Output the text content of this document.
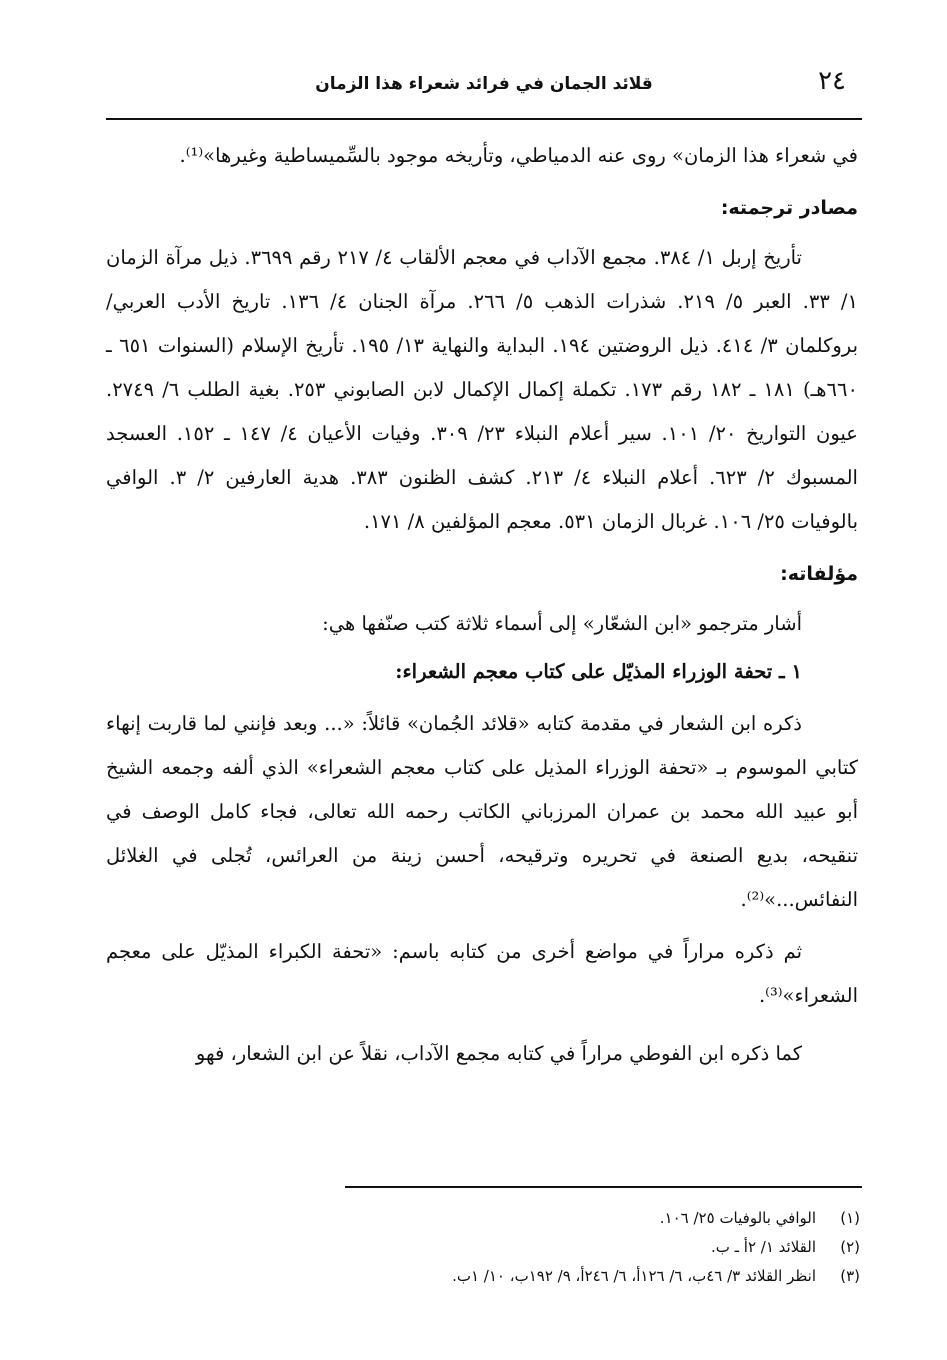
٢٤
قلائد الجمان في فرائد شعراء هذا الزمان

في شعراء هذا الزمان» روى عنه الدمياطي، وتأريخه موجود بالسِّميساطية وغيرها»⁽¹⁾.

مصادر ترجمته:

تأريخ إربل ١/ ٣٨٤. مجمع الآداب في معجم الألقاب ٤/ ٢١٧ رقم ٣٦٩٩. ذيل مرآة الزمان ١/ ٣٣. العبر ٥/ ٢١٩. شذرات الذهب ٥/ ٢٦٦. مرآة الجنان ٤/ ١٣٦. تاريخ الأدب العربي/ بروكلمان ٣/ ٤١٤. ذيل الروضتين ١٩٤. البداية والنهاية ١٣/ ١٩٥. تأريخ الإسلام (السنوات ٦٥١ ـ ٦٦٠هـ) ١٨١ ـ ١٨٢ رقم ١٧٣. تكملة إكمال الإكمال لابن الصابوني ٢٥٣. بغية الطلب ٦/ ٢٧٤٩. عيون التواريخ ٢٠/ ١٠١. سير أعلام النبلاء ٢٣/ ٣٠٩. وفيات الأعيان ٤/ ١٤٧ ـ ١٥٢. العسجد المسبوك ٢/ ٦٢٣. أعلام النبلاء ٤/ ٢١٣. كشف الظنون ٣٨٣. هدية العارفين ٢/ ٣. الوافي بالوفيات ٢٥/ ١٠٦. غربال الزمان ٥٣١. معجم المؤلفين ٨/ ١٧١.

مؤلفاته:

أشار مترجمو «ابن الشعّار» إلى أسماء ثلاثة كتب صنّفها هي:

١ ـ تحفة الوزراء المذيّل على كتاب معجم الشعراء:

ذكره ابن الشعار في مقدمة كتابه «قلائد الجُمان» قائلاً: «... وبعد فإنني لما قاربت إنهاء كتابي الموسوم بـ «تحفة الوزراء المذيل على كتاب معجم الشعراء» الذي ألفه وجمعه الشيخ أبو عبيد الله محمد بن عمران المرزباني الكاتب رحمه الله تعالى، فجاء كامل الوصف في تنقيحه، بديع الصنعة في تحريره وترقيحه، أحسن زينة من العرائس، تُجلى في الغلائل النفائس...»⁽²⁾.

ثم ذكره مراراً في مواضع أخرى من كتابه باسم: «تحفة الكبراء المذيّل على معجم الشعراء»⁽³⁾.

كما ذكره ابن الفوطي مراراً في كتابه مجمع الآداب، نقلاً عن ابن الشعار، فهو

(١)الوافي بالوفيات ٢٥/ ١٠٦.
(٢)القلائد ١/ ٢أ ـ ب.
(٣)انظر القلائد ٣/ ٤٦ب، ٦/ ١٢٦أ، ٦/ ٢٤٦أ، ٩/ ١٩٢ب، ١٠/ ١ب.
